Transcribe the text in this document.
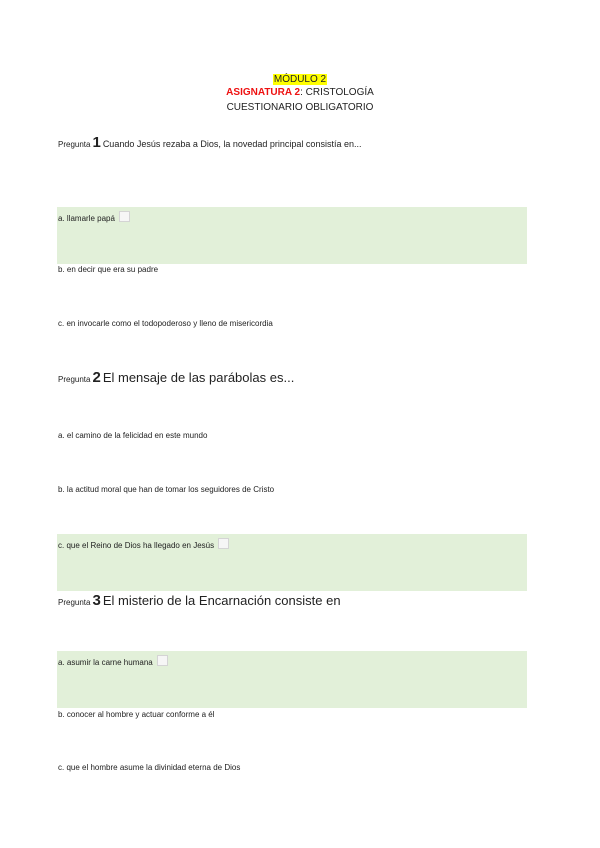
MÓDULO 2
ASIGNATURA 2: CRISTOLOGÍA
CUESTIONARIO OBLIGATORIO
Pregunta 1 Cuando Jesús rezaba a Dios, la novedad principal consistía en...
a. llamarle papá
b. en decir que era su padre
c. en invocarle como el todopoderoso y lleno de misericordia
Pregunta 2 El mensaje de las parábolas es...
a. el camino de la felicidad en este mundo
b. la actitud moral que han de tomar los seguidores de Cristo
c. que el Reino de Dios ha llegado en Jesús
Pregunta 3 El misterio de la Encarnación consiste en
a. asumir la carne humana
b. conocer al hombre y actuar conforme a él
c. que el hombre asume la divinidad eterna de Dios
